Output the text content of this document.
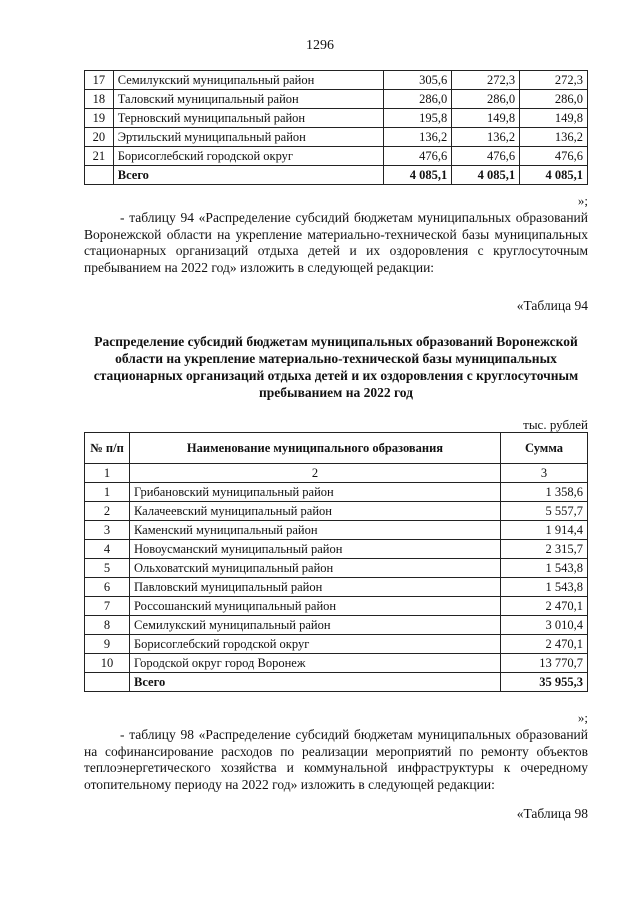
1296
17	Семилукский муниципальный район	305,6	272,3	272,3
18	Таловский муниципальный район	286,0	286,0	286,0
19	Терновский муниципальный район	195,8	149,8	149,8
20	Эртильский муниципальный район	136,2	136,2	136,2
21	Борисоглебский городской округ	476,6	476,6	476,6
	Всего	4 085,1	4 085,1	4 085,1
»;

- таблицу 94 «Распределение субсидий бюджетам муниципальных образований Воронежской области на укрепление материально-технической базы муниципальных стационарных организаций отдыха детей и их оздоровления с круглосуточным пребыванием на 2022 год» изложить в следующей редакции:

«Таблица 94

Распределение субсидий бюджетам муниципальных образований Воронежской области на укрепление материально-технической базы муниципальных стационарных организаций отдыха детей и их оздоровления с круглосуточным пребыванием на 2022 год

тыс. рублей
№ п/п	Наименование муниципального образования	Сумма
1	2	3
1	Грибановский муниципальный район	1 358,6
2	Калачеевский муниципальный район	5 557,7
3	Каменский муниципальный район	1 914,4
4	Новоусманский муниципальный район	2 315,7
5	Ольховатский муниципальный район	1 543,8
6	Павловский муниципальный район	1 543,8
7	Россошанский муниципальный район	2 470,1
8	Семилукский муниципальный район	3 010,4
9	Борисоглебский городской округ	2 470,1
10	Городской округ город Воронеж	13 770,7
	Всего	35 955,3
»;

- таблицу 98 «Распределение субсидий бюджетам муниципальных образований на софинансирование расходов по реализации мероприятий по ремонту объектов теплоэнергетического хозяйства и коммунальной инфраструктуры к очередному отопительному периоду на 2022 год» изложить в следующей редакции:

«Таблица 98
